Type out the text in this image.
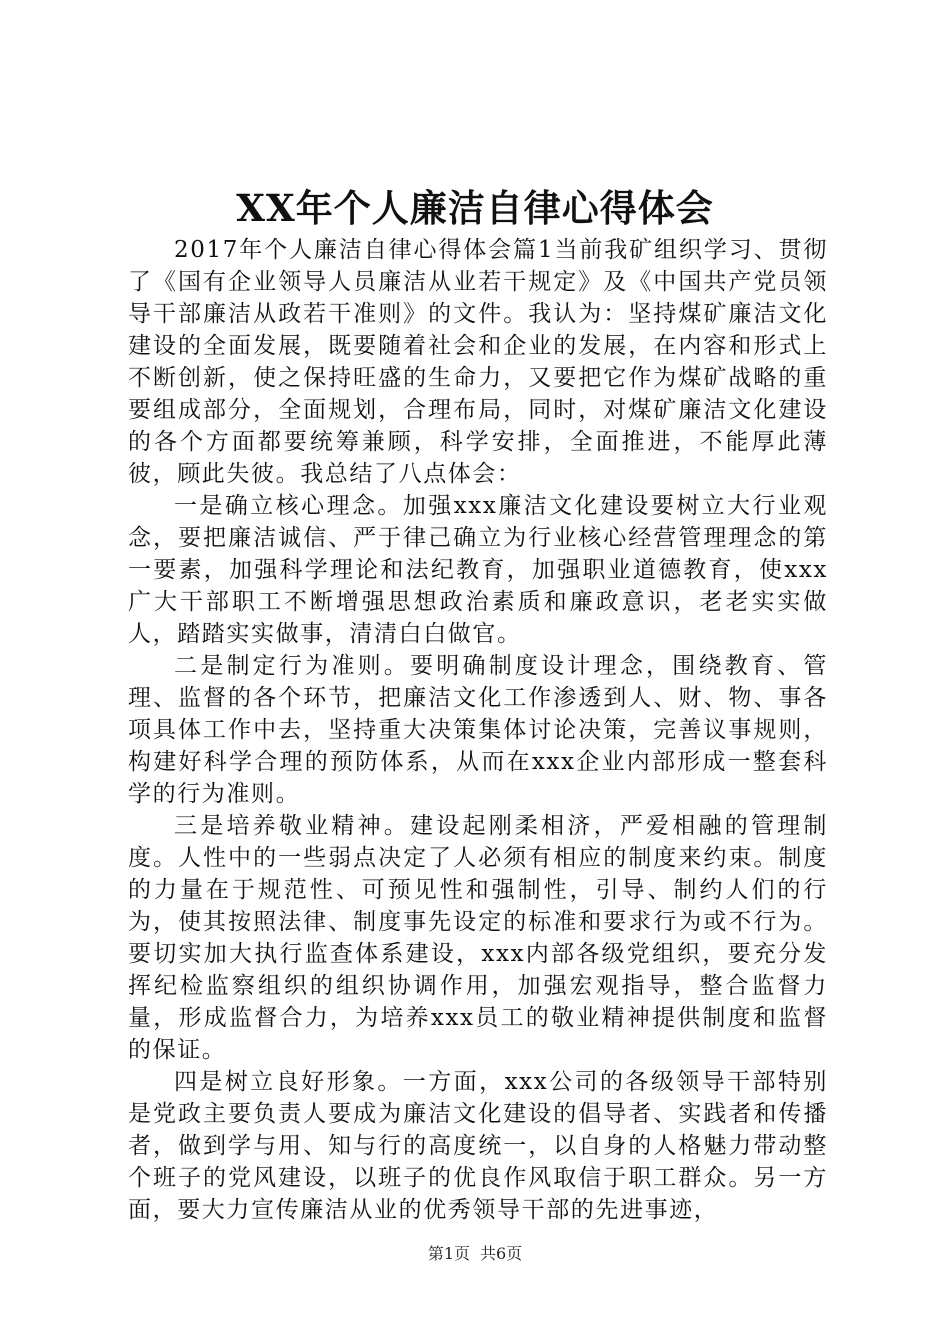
XX年个人廉洁自律心得体会

2017年个人廉洁自律心得体会篇1当前我矿组织学习、贯彻了《国有企业领导人员廉洁从业若干规定》及《中国共产党员领导干部廉洁从政若干准则》的文件。我认为：坚持煤矿廉洁文化建设的全面发展，既要随着社会和企业的发展，在内容和形式上不断创新，使之保持旺盛的生命力，又要把它作为煤矿战略的重要组成部分，全面规划，合理布局，同时，对煤矿廉洁文化建设的各个方面都要统筹兼顾，科学安排，全面推进，不能厚此薄彼，顾此失彼。我总结了八点体会：

一是确立核心理念。加强xxx廉洁文化建设要树立大行业观念，要把廉洁诚信、严于律己确立为行业核心经营管理理念的第一要素，加强科学理论和法纪教育，加强职业道德教育，使xxx广大干部职工不断增强思想政治素质和廉政意识，老老实实做人，踏踏实实做事，清清白白做官。

二是制定行为准则。要明确制度设计理念，围绕教育、管理、监督的各个环节，把廉洁文化工作渗透到人、财、物、事各项具体工作中去，坚持重大决策集体讨论决策，完善议事规则，构建好科学合理的预防体系，从而在xxx企业内部形成一整套科学的行为准则。

三是培养敬业精神。建设起刚柔相济，严爱相融的管理制度。人性中的一些弱点决定了人必须有相应的制度来约束。制度的力量在于规范性、可预见性和强制性，引导、制约人们的行为，使其按照法律、制度事先设定的标准和要求行为或不行为。要切实加大执行监查体系建设，xxx内部各级党组织，要充分发挥纪检监察组织的组织协调作用，加强宏观指导，整合监督力量，形成监督合力，为培养xxx员工的敬业精神提供制度和监督的保证。

四是树立良好形象。一方面，xxx公司的各级领导干部特别是党政主要负责人要成为廉洁文化建设的倡导者、实践者和传播者，做到学与用、知与行的高度统一，以自身的人格魅力带动整个班子的党风建设，以班子的优良作风取信于职工群众。另一方面，要大力宣传廉洁从业的优秀领导干部的先进事迹，

第1页 共6页
